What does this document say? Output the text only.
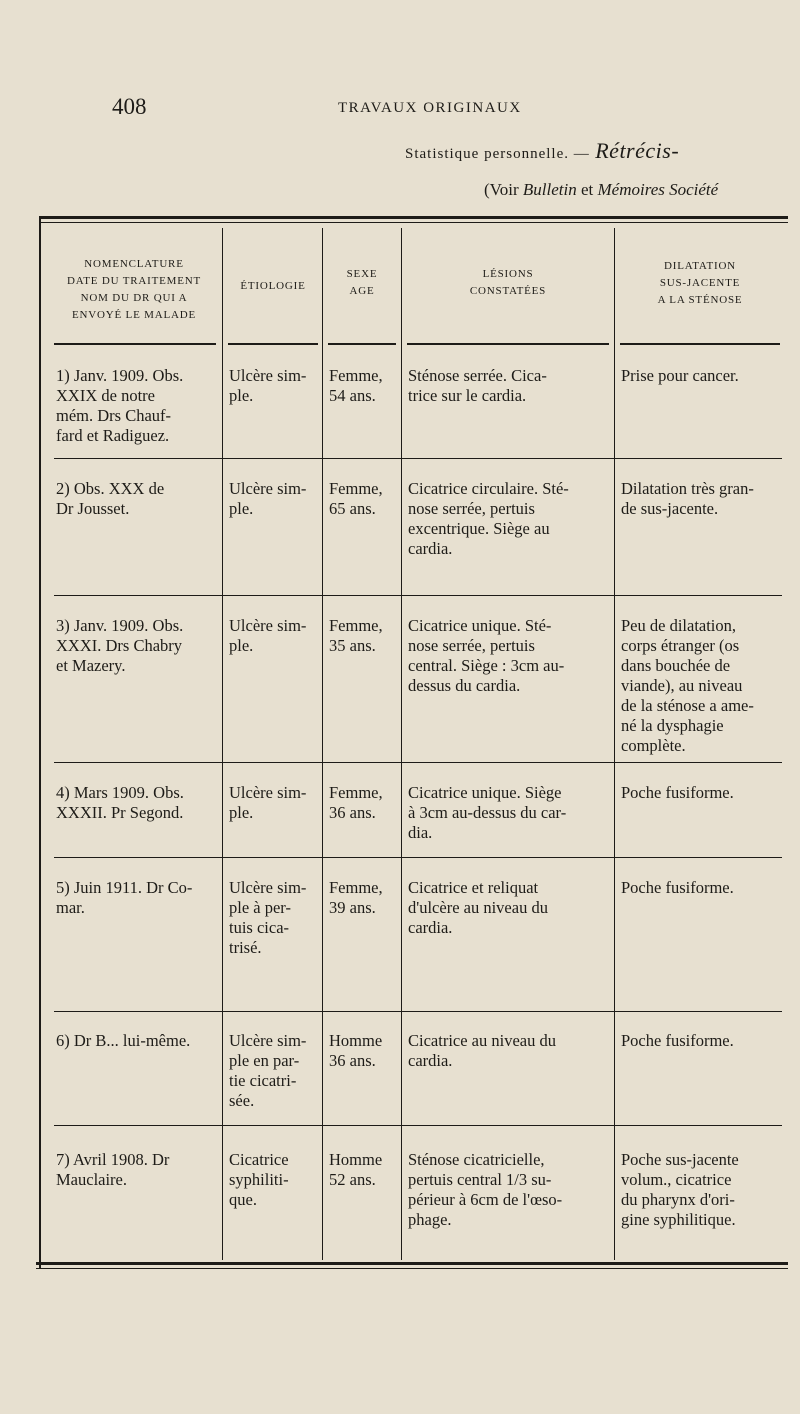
408	TRAVAUX ORIGINAUX
Statistique personnelle. — Rétrécis-
(Voir Bulletin et Mémoires Société
NOMENCLATURE
DATE DU TRAITEMENT
NOM DU DR QUI A
ENVOYÉ LE MALADE
ÉTIOLOGIE
SEXE
AGE
LÉSIONS
CONSTATÉES
DILATATION
SUS-JACENTE
A LA STÉNOSE
1) Janv. 1909. Obs.
XXIX de notre
mém. Drs Chauf-
fard et Radiguez.
Ulcère sim-
ple.
Femme,
54 ans.
Sténose serrée. Cica-
trice sur le cardia.
Prise pour cancer.
2) Obs. XXX de
Dr Jousset.
Ulcère sim-
ple.
Femme,
65 ans.
Cicatrice circulaire. Sté-
nose serrée, pertuis
excentrique. Siège au
cardia.
Dilatation très gran-
de sus-jacente.
3) Janv. 1909. Obs.
XXXI. Drs Chabry
et Mazery.
Ulcère sim-
ple.
Femme,
35 ans.
Cicatrice unique. Sté-
nose serrée, pertuis
central. Siège : 3cm au-
dessus du cardia.
Peu de dilatation,
corps étranger (os
dans bouchée de
viande), au niveau
de la sténose a ame-
né la dysphagie
complète.
4) Mars 1909. Obs.
XXXII. Pr Segond.
Ulcère sim-
ple.
Femme,
36 ans.
Cicatrice unique. Siège
à 3cm au-dessus du car-
dia.
Poche fusiforme.
5) Juin 1911. Dr Co-
mar.
Ulcère sim-
ple à per-
tuis cica-
trisé.
Femme,
39 ans.
Cicatrice et reliquat
d'ulcère au niveau du
cardia.
Poche fusiforme.
6) Dr B... lui-même.	Ulcère sim-
ple en par-
tie cicatri-
sée.
Homme
36 ans.
Cicatrice au niveau du
cardia.
Poche fusiforme.
7) Avril 1908. Dr
Mauclaire.
Cicatrice
syphiliti-
que.
Homme
52 ans.
Sténose cicatricielle,
pertuis central 1/3 su-
périeur à 6cm de l'œso-
phage.
Poche sus-jacente
volum., cicatrice
du pharynx d'ori-
gine syphilitique.
